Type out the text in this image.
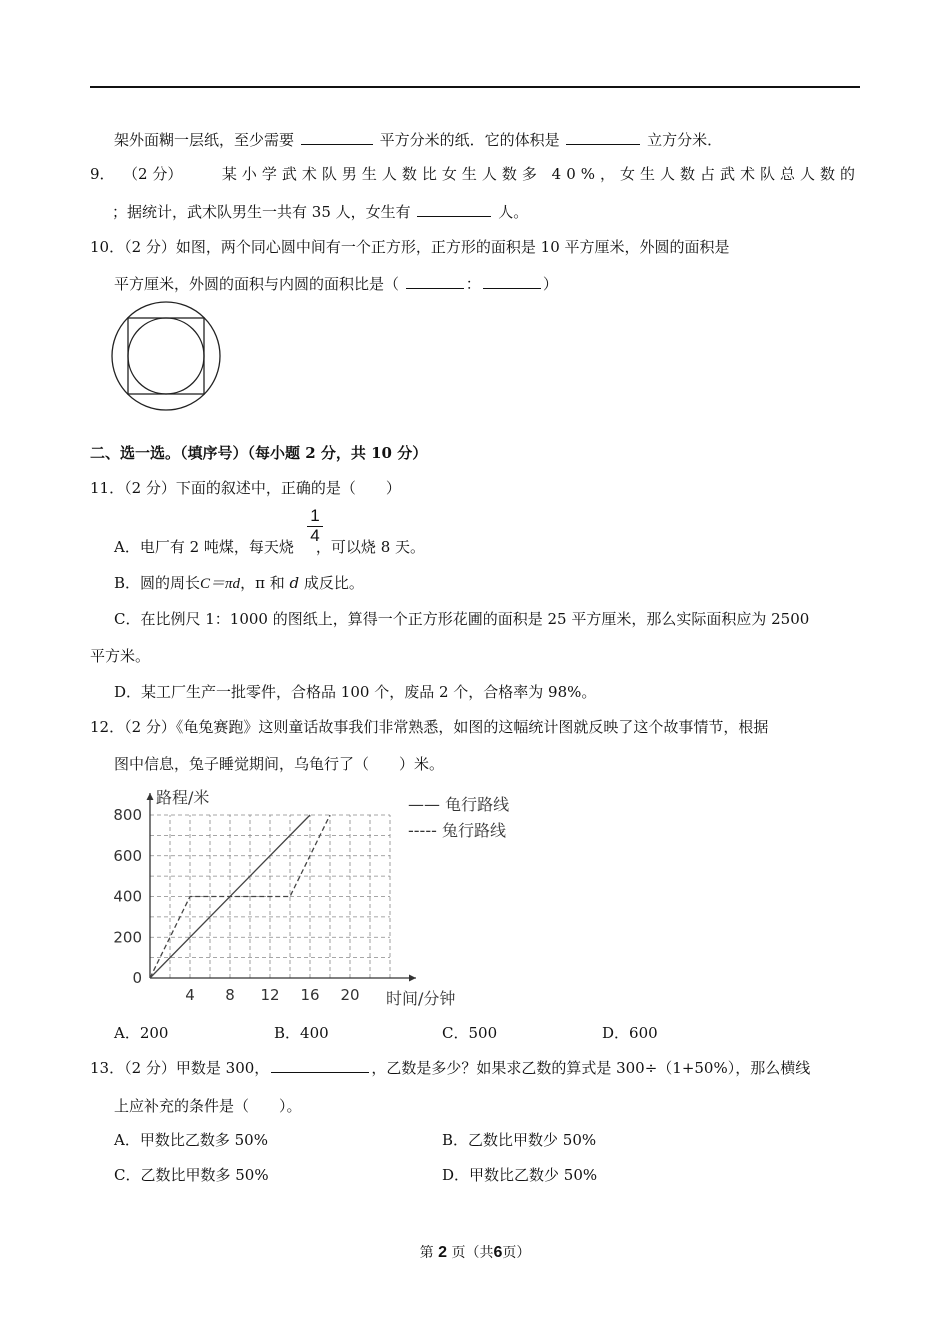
架外面糊一层纸，至少需要	平方分米的纸．它的体积是	立方分米．
9． （2 分）	某小学武术队男生人数比女生人数多 40%，女生人数占武术队总人数的
；据统计，武术队男生一共有 35 人，女生有	人。
10．（2 分）如图，两个同心圆中间有一个正方形，正方形的面积是 10 平方厘米，外圆的面积是
平方厘米，外圆的面积与内圆的面积比是（	：	）
二、选一选。（填序号）（每小题 2 分，共 10 分）
11．（2 分）下面的叙述中，正确的是（　　）
A．电厂有 2 吨煤，每天烧 ，可以烧 8 天。
1
4
B．圆的周长C＝πd，π 和 d 成反比。
C．在比例尺 1：1000 的图纸上，算得一个正方形花圃的面积是 25 平方厘米，那么实际面积应为 2500
平方米。
D．某工厂生产一批零件，合格品 100 个，废品 2 个，合格率为 98%。
12．（2 分）《龟兔赛跑》这则童话故事我们非常熟悉，如图的这幅统计图就反映了这个故事情节，根据
图中信息，兔子睡觉期间，乌龟行了（　　）米。
4 8 12 16 20
0
200
400
600
800
路程/米
时间/分钟
—— 龟行路线
----- 兔行路线
A．200	B．400	C．500	D．600
13．（2 分）甲数是 300，	，乙数是多少？如果求乙数的算式是 300÷（1+50%），那么横线
上应补充的条件是（　　）。
A．甲数比乙数多 50%	B．乙数比甲数少 50%
C．乙数比甲数多 50%	D．甲数比乙数少 50%
第 2 页（共6页）
